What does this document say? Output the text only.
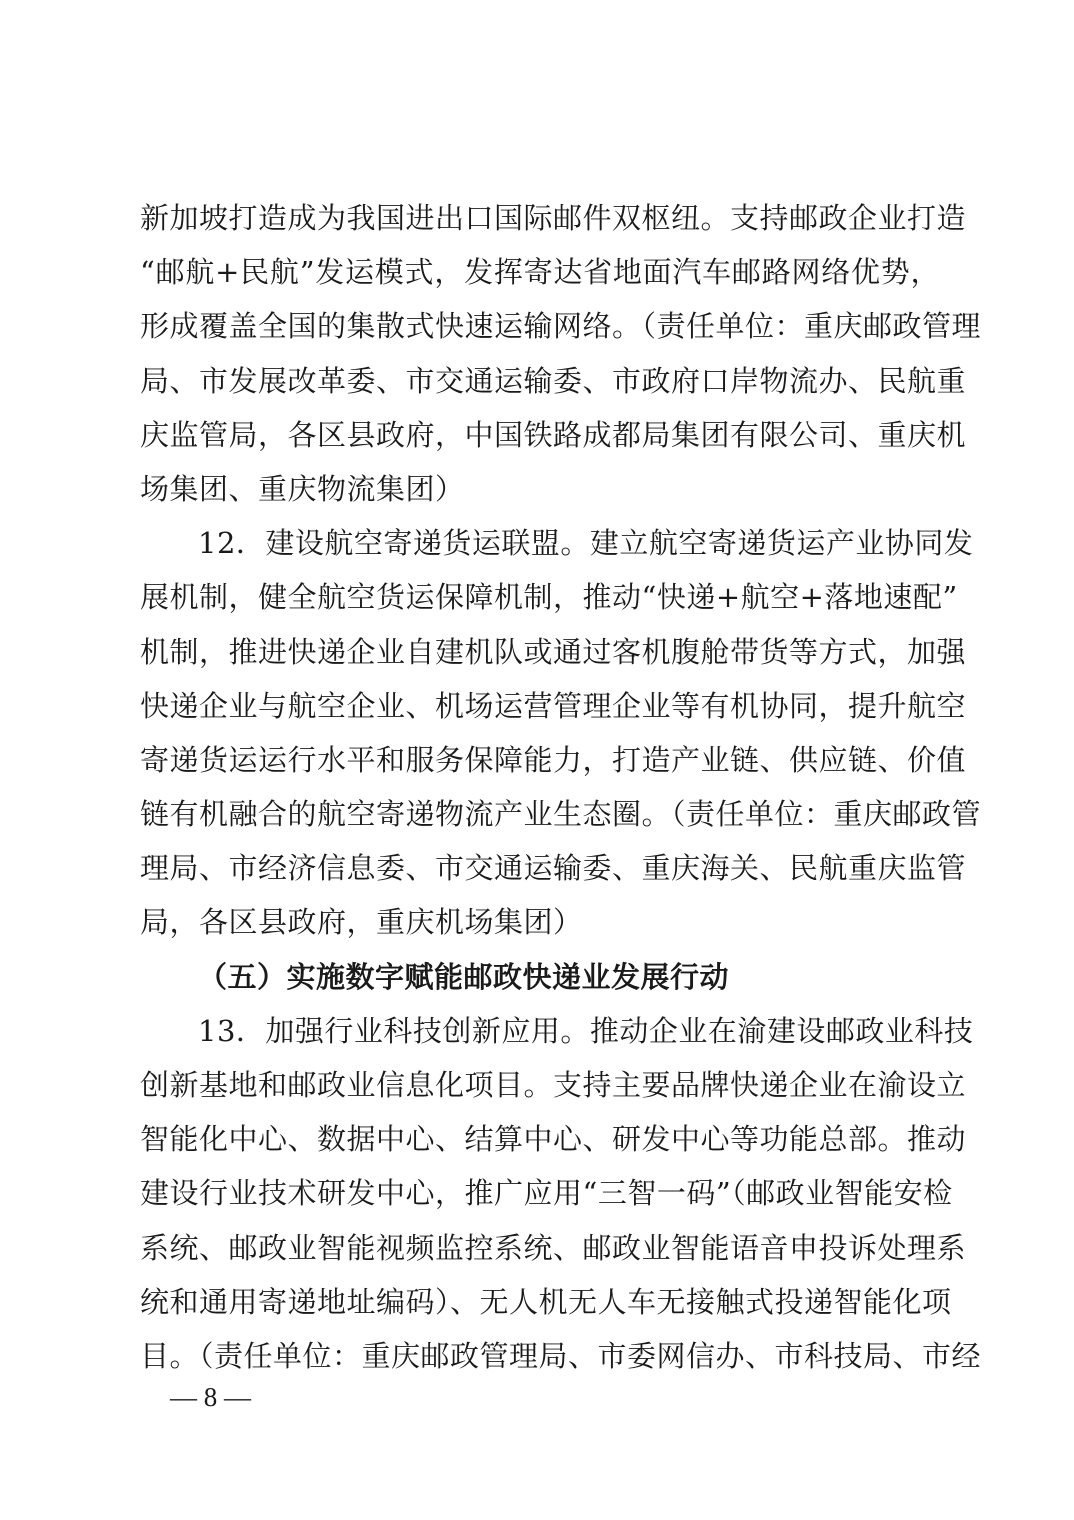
新加坡打造成为我国进出口国际邮件双枢纽。支持邮政企业打造
“邮航+民航”发运模式，发挥寄达省地面汽车邮路网络优势，
形成覆盖全国的集散式快速运输网络。（责任单位：重庆邮政管理
局、市发展改革委、市交通运输委、市政府口岸物流办、民航重
庆监管局，各区县政府，中国铁路成都局集团有限公司、重庆机
场集团、重庆物流集团）
12．建设航空寄递货运联盟。建立航空寄递货运产业协同发
展机制，健全航空货运保障机制，推动“快递+航空+落地速配”
机制，推进快递企业自建机队或通过客机腹舱带货等方式，加强
快递企业与航空企业、机场运营管理企业等有机协同，提升航空
寄递货运运行水平和服务保障能力，打造产业链、供应链、价值
链有机融合的航空寄递物流产业生态圈。（责任单位：重庆邮政管
理局、市经济信息委、市交通运输委、重庆海关、民航重庆监管
局，各区县政府，重庆机场集团）
（五）实施数字赋能邮政快递业发展行动
13．加强行业科技创新应用。推动企业在渝建设邮政业科技
创新基地和邮政业信息化项目。支持主要品牌快递企业在渝设立
智能化中心、数据中心、结算中心、研发中心等功能总部。推动
建设行业技术研发中心，推广应用“三智一码”（邮政业智能安检
系统、邮政业智能视频监控系统、邮政业智能语音申投诉处理系
统和通用寄递地址编码）、无人机无人车无接触式投递智能化项
目。（责任单位：重庆邮政管理局、市委网信办、市科技局、市经
— 8 —
